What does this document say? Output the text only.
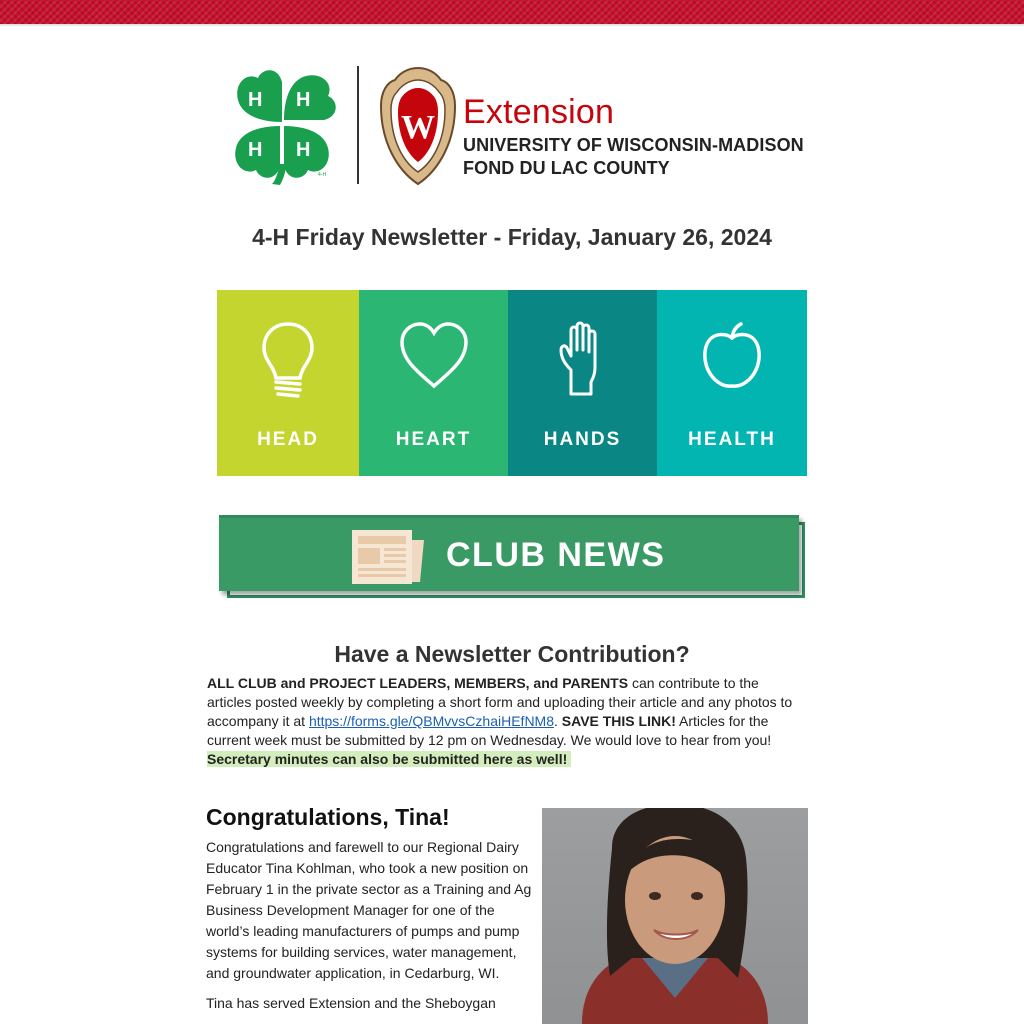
H H
H H
4-H
W Extension
UNIVERSITY OF WISCONSIN-MADISON
FOND DU LAC COUNTY
4-H Friday Newsletter - Friday, January 26, 2024
HEAD	HEART	HANDS	HEALTH
CLUB NEWS
Have a Newsletter Contribution?
ALL CLUB and PROJECT LEADERS, MEMBERS, and PARENTS can contribute to the articles posted weekly by completing a short form and uploading their article and any photos to accompany it at https://forms.gle/QBMvvsCzhaiHEfNM8. SAVE THIS LINK! Articles for the current week must be submitted by 12 pm on Wednesday. We would love to hear from you!
Secretary minutes can also be submitted here as well!
Congratulations, Tina!

Congratulations and farewell to our Regional Dairy Educator Tina Kohlman, who took a new position on February 1 in the private sector as a Training and Ag Business Development Manager for one of the world’s leading manufacturers of pumps and pump systems for building services, water management, and groundwater application, in Cedarburg, WI.

Tina has served Extension and the Sheboygan
